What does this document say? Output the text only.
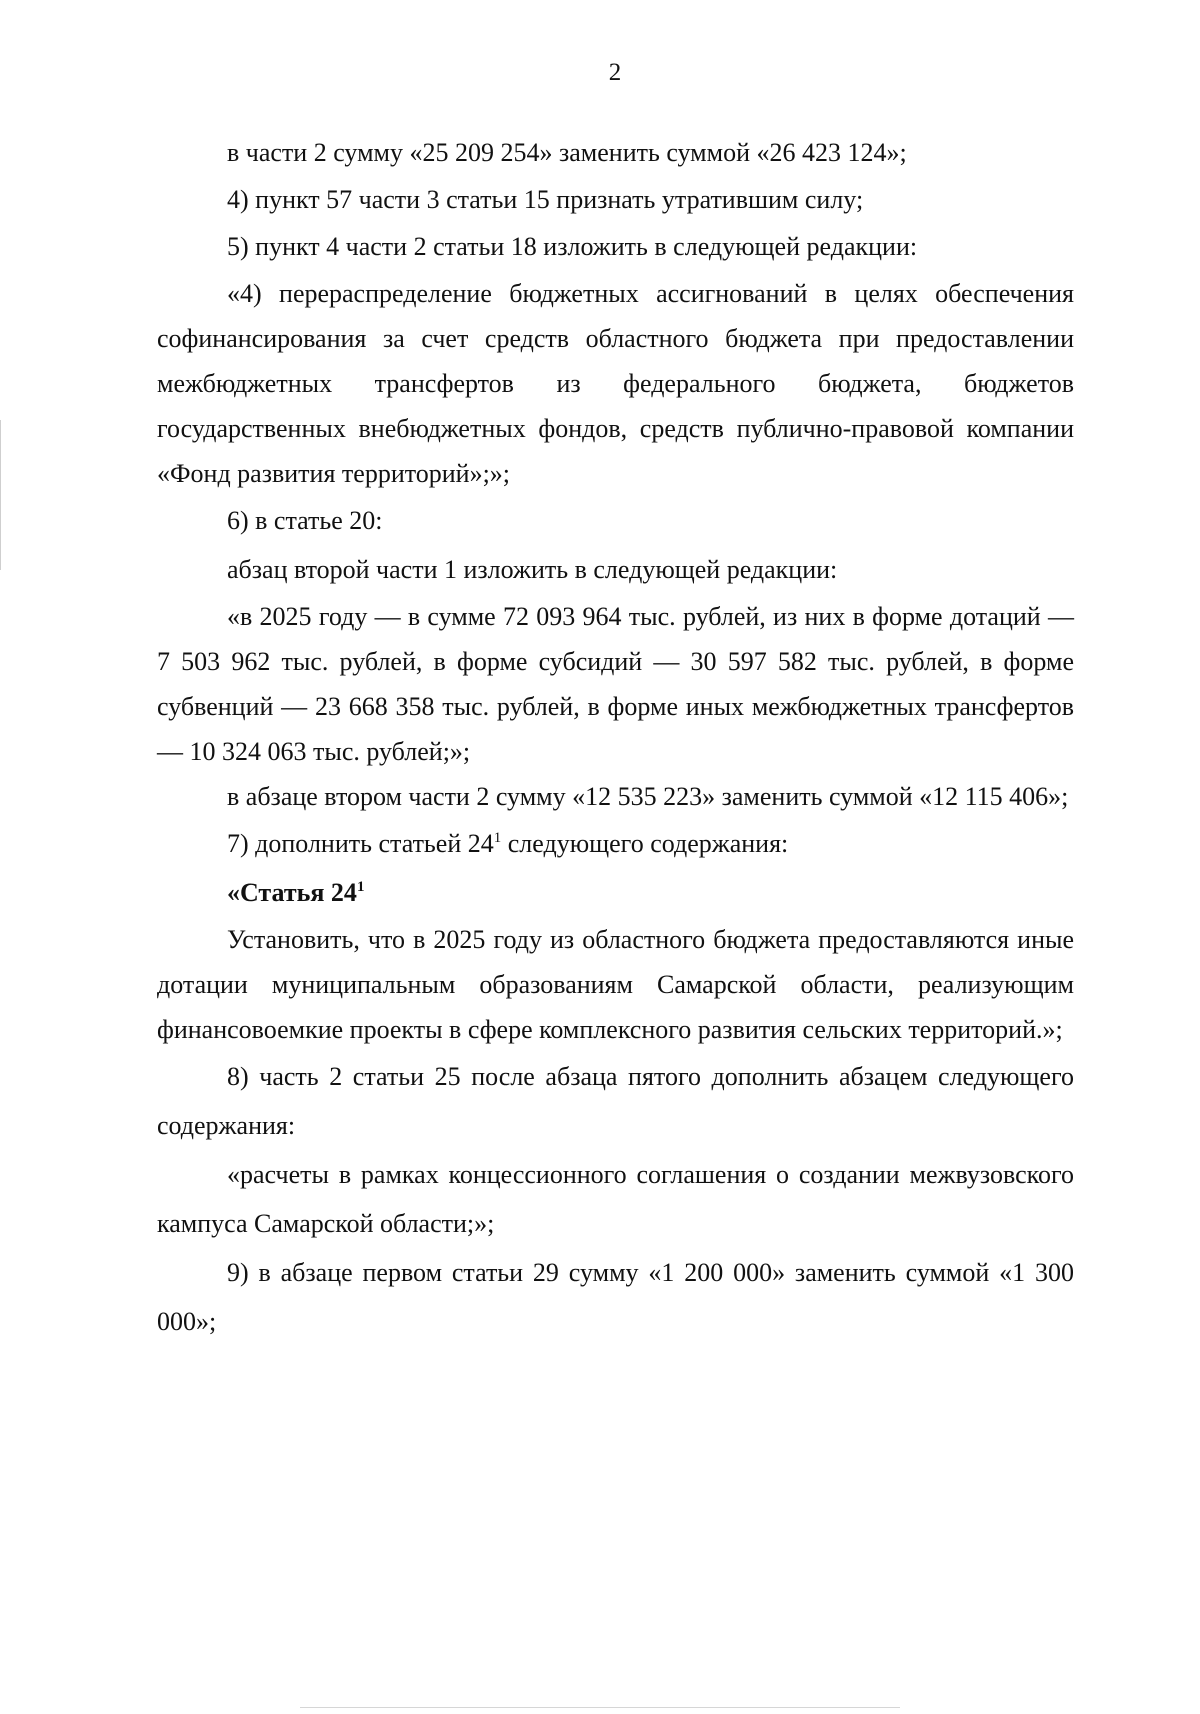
2

в части 2 сумму «25 209 254» заменить суммой «26 423 124»;

4) пункт 57 части 3 статьи 15 признать утратившим силу;

5) пункт 4 части 2 статьи 18 изложить в следующей редакции:

«4) перераспределение бюджетных ассигнований в целях обеспечения софинансирования за счет средств областного бюджета при предоставлении межбюджетных трансфертов из федерального бюджета, бюджетов государственных внебюджетных фондов, средств публично-правовой компании «Фонд развития территорий»;»;

6) в статье 20:

абзац второй части 1 изложить в следующей редакции:

«в 2025 году — в сумме 72 093 964 тыс. рублей, из них в форме дотаций — 7 503 962 тыс. рублей, в форме субсидий — 30 597 582 тыс. рублей, в форме субвенций — 23 668 358 тыс. рублей, в форме иных межбюджетных трансфертов — 10 324 063 тыс. рублей;»;

в абзаце втором части 2 сумму «12 535 223» заменить суммой «12 115 406»;

7) дополнить статьей $24^1$ следующего содержания:

«Статья $24^1$

Установить, что в 2025 году из областного бюджета предоставляются иные дотации муниципальным образованиям Самарской области, реализующим финансовоемкие проекты в сфере комплексного развития сельских территорий.»;

8) часть 2 статьи 25 после абзаца пятого дополнить абзацем следующего содержания:

«расчеты в рамках концессионного соглашения о создании межвузовского кампуса Самарской области;»;

9) в абзаце первом статьи 29 сумму «1 200 000» заменить суммой «1 300 000»;
